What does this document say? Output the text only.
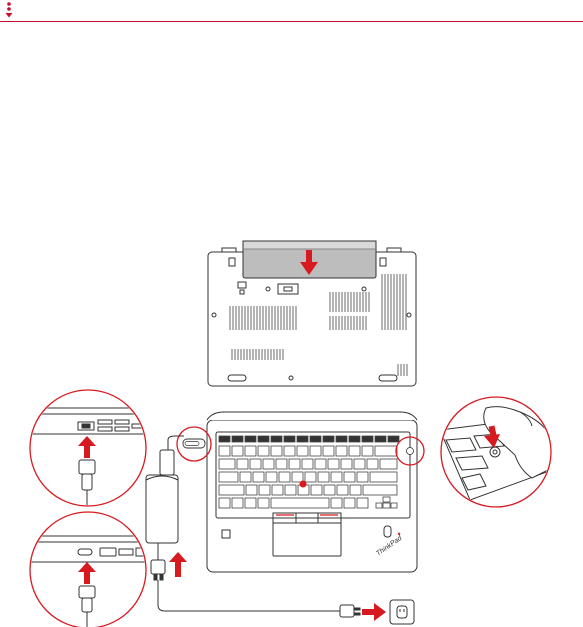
ThinkPad
